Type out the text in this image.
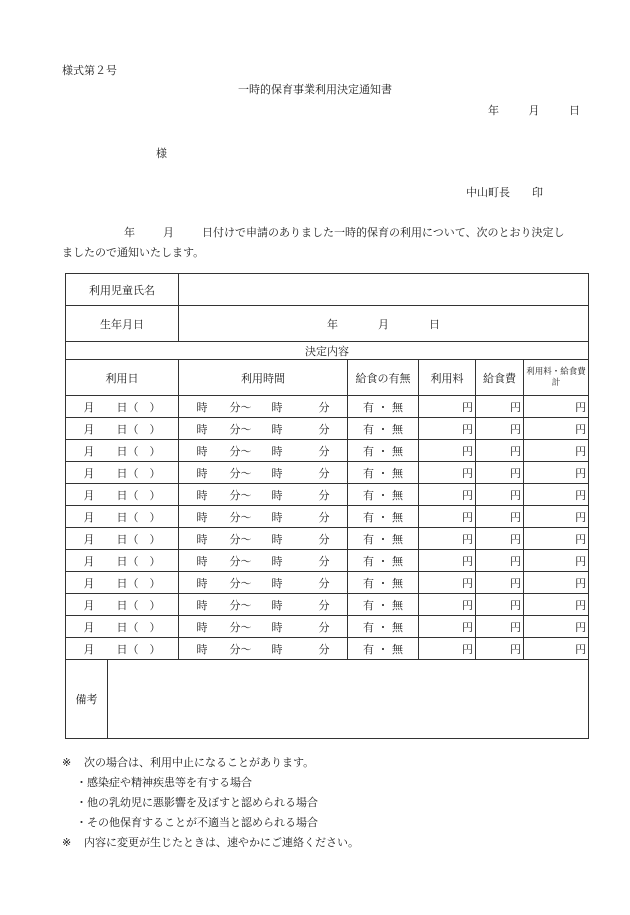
様式第２号
一時的保育事業利用決定通知書
年	月	日
様
中山町長 印
年	月	日付けで申請のありました一時的保育の利用について、次のとおり決定し
ましたので通知いたします。
利用児童氏名						
生年月日		年 月 日				
決定内容						
利用日		利用時間	給食の有無	利用料	給食費	利用料・給食費
計

月 日（　）		時 分～ 時 分	有 ・ 無	円	円	円
月 日（　）		時 分～ 時 分	有 ・ 無	円	円	円
月 日（　）		時 分～ 時 分	有 ・ 無	円	円	円
月 日（　）		時 分～ 時 分	有 ・ 無	円	円	円
月 日（　）		時 分～ 時 分	有 ・ 無	円	円	円
月 日（　）		時 分～ 時 分	有 ・ 無	円	円	円
月 日（　）		時 分～ 時 分	有 ・ 無	円	円	円
月 日（　）		時 分～ 時 分	有 ・ 無	円	円	円
月 日（　）		時 分～ 時 分	有 ・ 無	円	円	円
月 日（　）		時 分～ 時 分	有 ・ 無	円	円	円
月 日（　）		時 分～ 時 分	有 ・ 無	円	円	円
月 日（　）		時 分～ 時 分	有 ・ 無	円	円	円
備考						
※ 次の場合は、利用中止になることがあります。
・感染症や精神疾患等を有する場合
・他の乳幼児に悪影響を及ぼすと認められる場合
・その他保育することが不適当と認められる場合
※ 内容に変更が生じたときは、速やかにご連絡ください。
